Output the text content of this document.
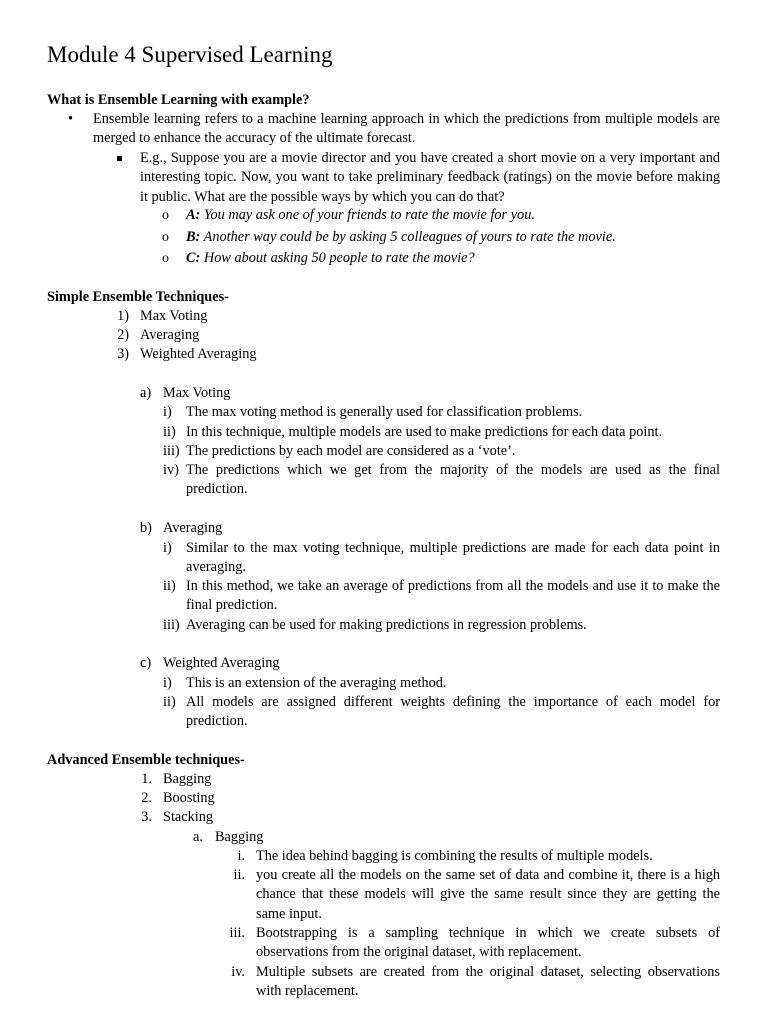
Module 4 Supervised Learning
What is Ensemble Learning with example?
• Ensemble learning refers to a machine learning approach in which the predictions from multiple models are merged to enhance the accuracy of the ultimate forecast.
E.g., Suppose you are a movie director and you have created a short movie on a very important and interesting topic. Now, you want to take preliminary feedback (ratings) on the movie before making it public. What are the possible ways by which you can do that?
o A: You may ask one of your friends to rate the movie for you.
o B: Another way could be by asking 5 colleagues of yours to rate the movie.
o C: How about asking 50 people to rate the movie?
Simple Ensemble Techniques-
1) Max Voting
2) Averaging
3) Weighted Averaging
a) Max Voting
i) The max voting method is generally used for classification problems.
ii) In this technique, multiple models are used to make predictions for each data point.
iii) The predictions by each model are considered as a ‘vote’.
iv) The predictions which we get from the majority of the models are used as the final prediction.
b) Averaging
i) Similar to the max voting technique, multiple predictions are made for each data point in averaging.
ii) In this method, we take an average of predictions from all the models and use it to make the final prediction.
iii) Averaging can be used for making predictions in regression problems.
c) Weighted Averaging
i) This is an extension of the averaging method.
ii) All models are assigned different weights defining the importance of each model for prediction.
Advanced Ensemble techniques-
1. Bagging
2. Boosting
3. Stacking
a. Bagging
i. The idea behind bagging is combining the results of multiple models.
ii. you create all the models on the same set of data and combine it, there is a high chance that these models will give the same result since they are getting the same input.
iii. Bootstrapping is a sampling technique in which we create subsets of observations from the original dataset, with replacement.
iv. Multiple subsets are created from the original dataset, selecting observations with replacement.
